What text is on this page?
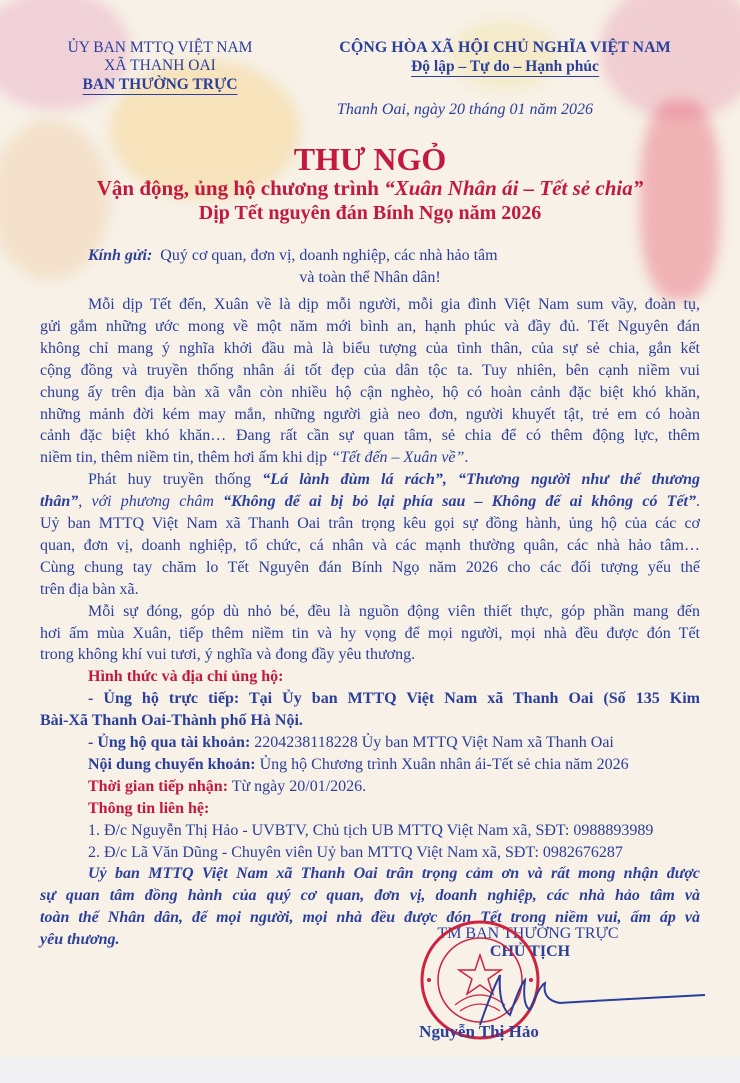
ỦY BAN MTTQ VIỆT NAM
XÃ THANH OAI
BAN THƯỜNG TRỰC
CỘNG HÒA XÃ HỘI CHỦ NGHĨA VIỆT NAM
Độ lập – Tự do – Hạnh phúc
Thanh Oai, ngày 20 tháng 01 năm 2026
THƯ NGỎ
Vận động, ủng hộ chương trình “Xuân Nhân ái – Tết sẻ chia”
Dịp Tết nguyên đán Bính Ngọ năm 2026
Kính gửi: Quý cơ quan, đơn vị, doanh nghiệp, các nhà hảo tâm
và toàn thể Nhân dân!
Mỗi dịp Tết đến, Xuân về là dịp mỗi người, mỗi gia đình Việt Nam sum vầy, đoàn tụ,
gửi gắm những ước mong về một năm mới bình an, hạnh phúc và đầy đủ. Tết Nguyên đán
không chỉ mang ý nghĩa khởi đầu mà là biểu tượng của tình thân, của sự sẻ chia, gắn kết
cộng đồng và truyền thống nhân ái tốt đẹp của dân tộc ta. Tuy nhiên, bên cạnh niềm vui
chung ấy trên địa bàn xã vẫn còn nhiều hộ cận nghèo, hộ có hoàn cảnh đặc biệt khó khăn,
những mảnh đời kém may mắn, những người già neo đơn, người khuyết tật, trẻ em có hoàn
cảnh đặc biệt khó khăn… Đang rất cần sự quan tâm, sẻ chia để có thêm động lực, thêm
niềm tin, thêm niềm tin, thêm hơi ấm khi dịp “Tết đến – Xuân về”.
Phát huy truyền thống “Lá lành đùm lá rách”, “Thương người như thể thương
thân”, với phương châm “Không để ai bị bỏ lại phía sau – Không để ai không có Tết”.
Uỷ ban MTTQ Việt Nam xã Thanh Oai trân trọng kêu gọi sự đồng hành, ủng hộ của các cơ
quan, đơn vị, doanh nghiệp, tổ chức, cá nhân và các mạnh thường quân, các nhà hảo tâm…
Cùng chung tay chăm lo Tết Nguyên đán Bính Ngọ năm 2026 cho các đối tượng yếu thế
trên địa bàn xã.
Mỗi sự đóng, góp dù nhỏ bé, đều là nguồn động viên thiết thực, góp phần mang đến
hơi ấm mùa Xuân, tiếp thêm niềm tin và hy vọng để mọi người, mọi nhà đều được đón Tết
trong không khí vui tươi, ý nghĩa và đong đầy yêu thương.
Hình thức và địa chỉ ủng hộ:
- Ủng hộ trực tiếp: Tại Ủy ban MTTQ Việt Nam xã Thanh Oai (Số 135 Kim
Bài-Xã Thanh Oai-Thành phố Hà Nội.
- Ủng hộ qua tài khoản: 2204238118228 Ủy ban MTTQ Việt Nam xã Thanh Oai
Nội dung chuyển khoản: Ủng hộ Chương trình Xuân nhân ái-Tết sẻ chia năm 2026
Thời gian tiếp nhận: Từ ngày 20/01/2026.
Thông tin liên hệ:
1. Đ/c Nguyễn Thị Hảo - UVBTV, Chủ tịch UB MTTQ Việt Nam xã, SĐT: 0988893989
2. Đ/c Lã Văn Dũng - Chuyên viên Uỷ ban MTTQ Việt Nam xã, SĐT: 0982676287
Uỷ ban MTTQ Việt Nam xã Thanh Oai trân trọng cảm ơn và rất mong nhận được
sự quan tâm đồng hành của quý cơ quan, đơn vị, doanh nghiệp, các nhà hảo tâm và
toàn thể Nhân dân, để mọi người, mọi nhà đều được đón Tết trong niềm vui, ấm áp và
yêu thương.	TM BAN THƯỜNG TRỰC
CHỦ TỊCH
Nguyễn Thị Hảo
